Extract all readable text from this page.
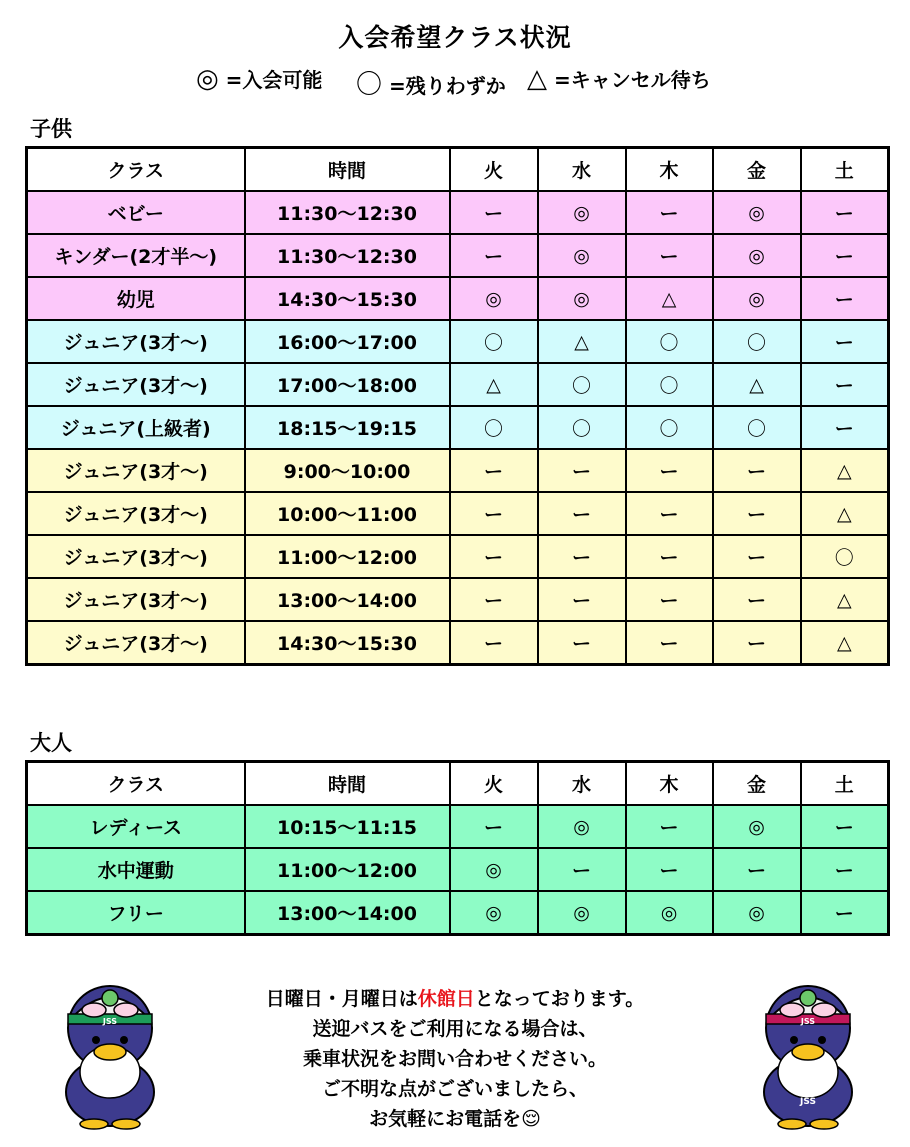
入会希望クラス状況
◎ =入会可能 〇 =残りわずか △ =キャンセル待ち
子供
クラス	時間	火	水	木	金	土
ベビー	11:30～12:30	ー	◎	ー	◎	ー
キンダー(2才半～)	11:30～12:30	ー	◎	ー	◎	ー
幼児	14:30～15:30	◎	◎	△	◎	ー
ジュニア(3才～)	16:00～17:00	〇	△	〇	〇	ー
ジュニア(3才～)	17:00～18:00	△	〇	〇	△	ー
ジュニア(上級者)	18:15～19:15	〇	〇	〇	〇	ー
ジュニア(3才～)	9:00～10:00	ー	ー	ー	ー	△
ジュニア(3才～)	10:00～11:00	ー	ー	ー	ー	△
ジュニア(3才～)	11:00～12:00	ー	ー	ー	ー	〇
ジュニア(3才～)	13:00～14:00	ー	ー	ー	ー	△
ジュニア(3才～)	14:30～15:30	ー	ー	ー	ー	△
大人
クラス	時間	火	水	木	金	土
レディース	10:15～11:15	ー	◎	ー	◎	ー
水中運動	11:00～12:00	◎	ー	ー	ー	ー
フリー	13:00～14:00	◎	◎	◎	◎	ー
JSS	JSS
JSS
日曜日・月曜日は休館日となっております。
送迎バスをご利用になる場合は、
乗車状況をお問い合わせください。
ご不明な点がございましたら、
お気軽にお電話を😌
